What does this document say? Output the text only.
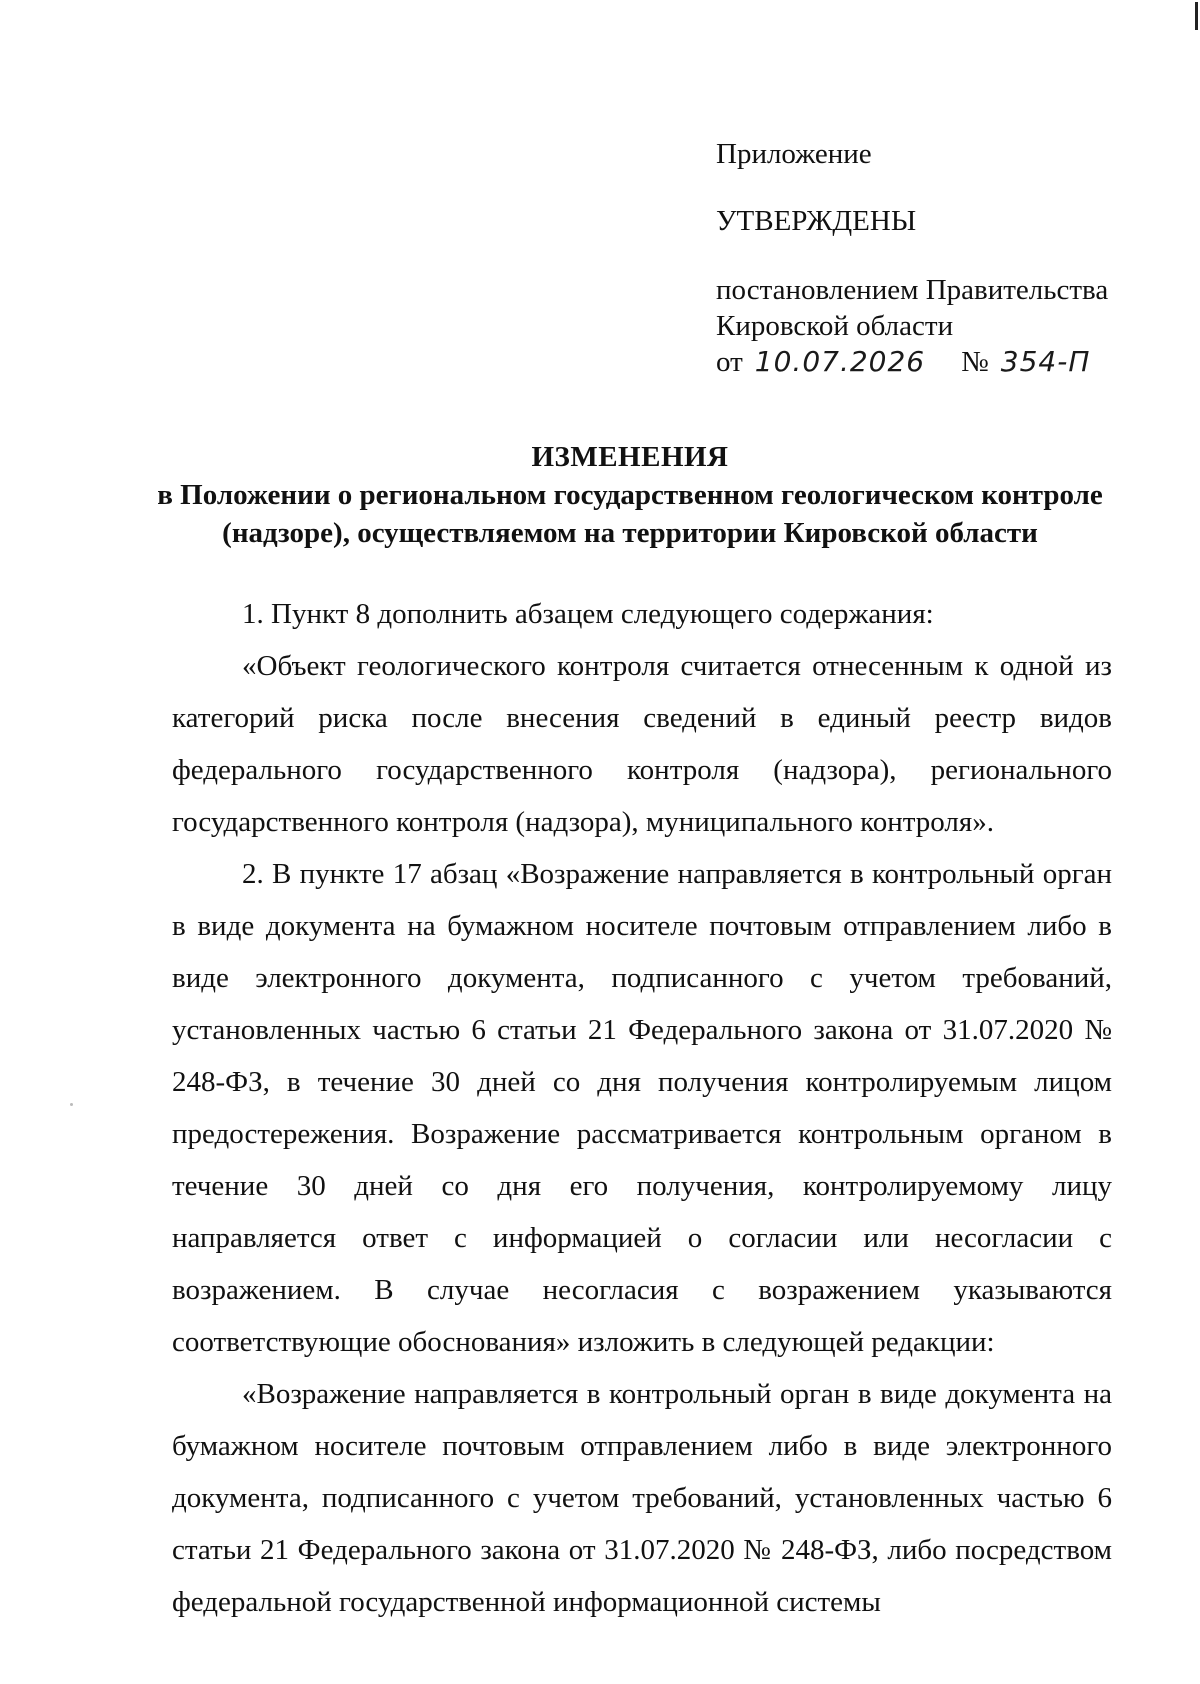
Приложение
УТВЕРЖДЕНЫ
постановлением Правительства
Кировской области
от 10.07.2026 № 354-П
ИЗМЕНЕНИЯ
в Положении о региональном государственном геологическом контроле
(надзоре), осуществляемом на территории Кировской области

1. Пункт 8 дополнить абзацем следующего содержания:

«Объект геологического контроля считается отнесенным к одной из категорий риска после внесения сведений в единый реестр видов федерального государственного контроля (надзора), регионального государственного контроля (надзора), муниципального контроля».

2. В пункте 17 абзац «Возражение направляется в контрольный орган в виде документа на бумажном носителе почтовым отправлением либо в виде электронного документа, подписанного с учетом требований, установленных частью 6 статьи 21 Федерального закона от 31.07.2020 № 248-ФЗ, в течение 30 дней со дня получения контролируемым лицом предостережения. Возражение рассматривается контрольным органом в течение 30 дней со дня его получения, контролируемому лицу направляется ответ с информацией о согласии или несогласии с возражением. В случае несогласия с возражением указываются соответствующие обоснования» изложить в следующей редакции:

«Возражение направляется в контрольный орган в виде документа на бумажном носителе почтовым отправлением либо в виде электронного документа, подписанного с учетом требований, установленных частью 6 статьи 21 Федерального закона от 31.07.2020 № 248-ФЗ, либо посредством федеральной государственной информационной системы
